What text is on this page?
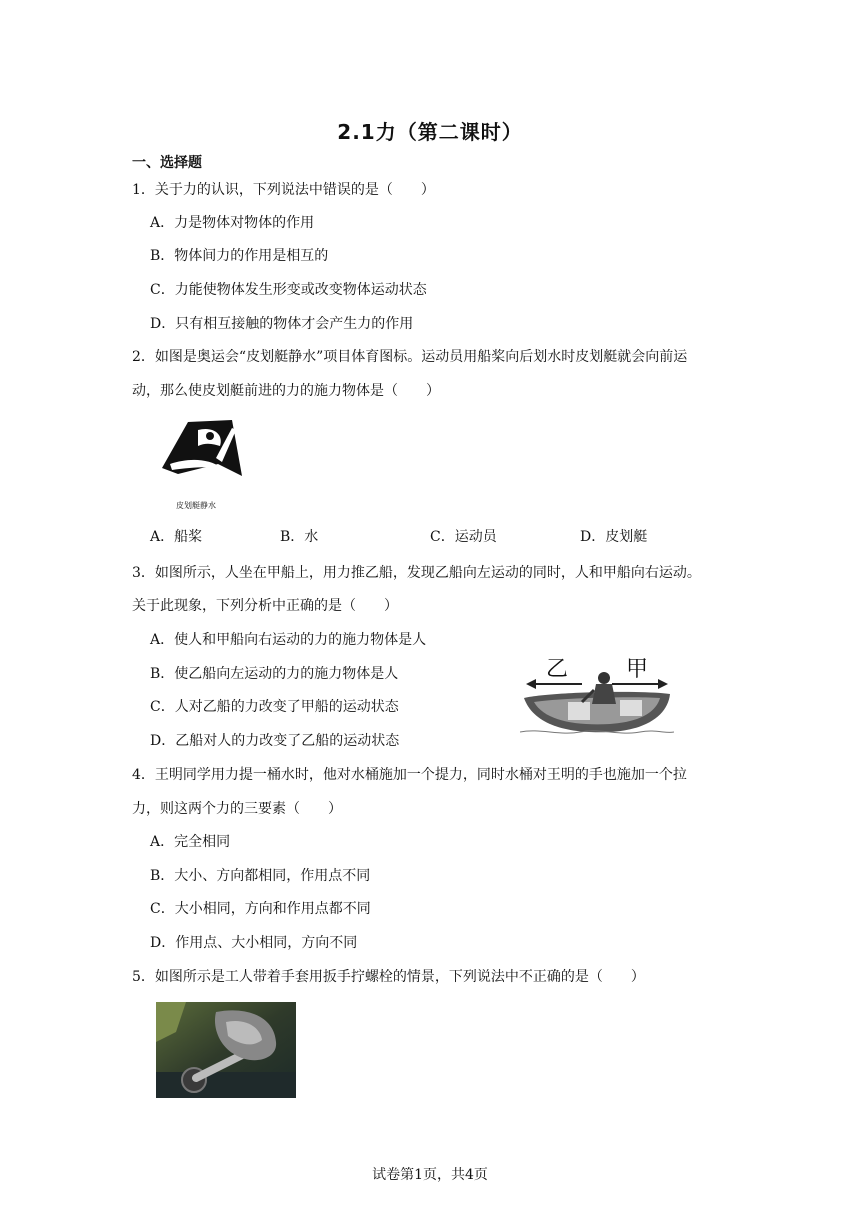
2.1力（第二课时）
一、选择题
1．关于力的认识，下列说法中错误的是（　　）
A．力是物体对物体的作用
B．物体间力的作用是相互的
C．力能使物体发生形变或改变物体运动状态
D．只有相互接触的物体才会产生力的作用
2．如图是奥运会“皮划艇静水”项目体育图标。运动员用船桨向后划水时皮划艇就会向前运
动，那么使皮划艇前进的力的施力物体是（　　）
皮划艇静水
A．船桨	B．水	C．运动员	D．皮划艇
3．如图所示，人坐在甲船上，用力推乙船，发现乙船向左运动的同时，人和甲船向右运动。
关于此现象，下列分析中正确的是（　　）
A．使人和甲船向右运动的力的施力物体是人
B．使乙船向左运动的力的施力物体是人
C．人对乙船的力改变了甲船的运动状态
D．乙船对人的力改变了乙船的运动状态
乙	甲
4．王明同学用力提一桶水时，他对水桶施加一个提力，同时水桶对王明的手也施加一个拉
力，则这两个力的三要素（　　）
A．完全相同
B．大小、方向都相同，作用点不同
C．大小相同，方向和作用点都不同
D．作用点、大小相同，方向不同
5．如图所示是工人带着手套用扳手拧螺栓的情景，下列说法中不正确的是（　　）
试卷第1页，共4页
